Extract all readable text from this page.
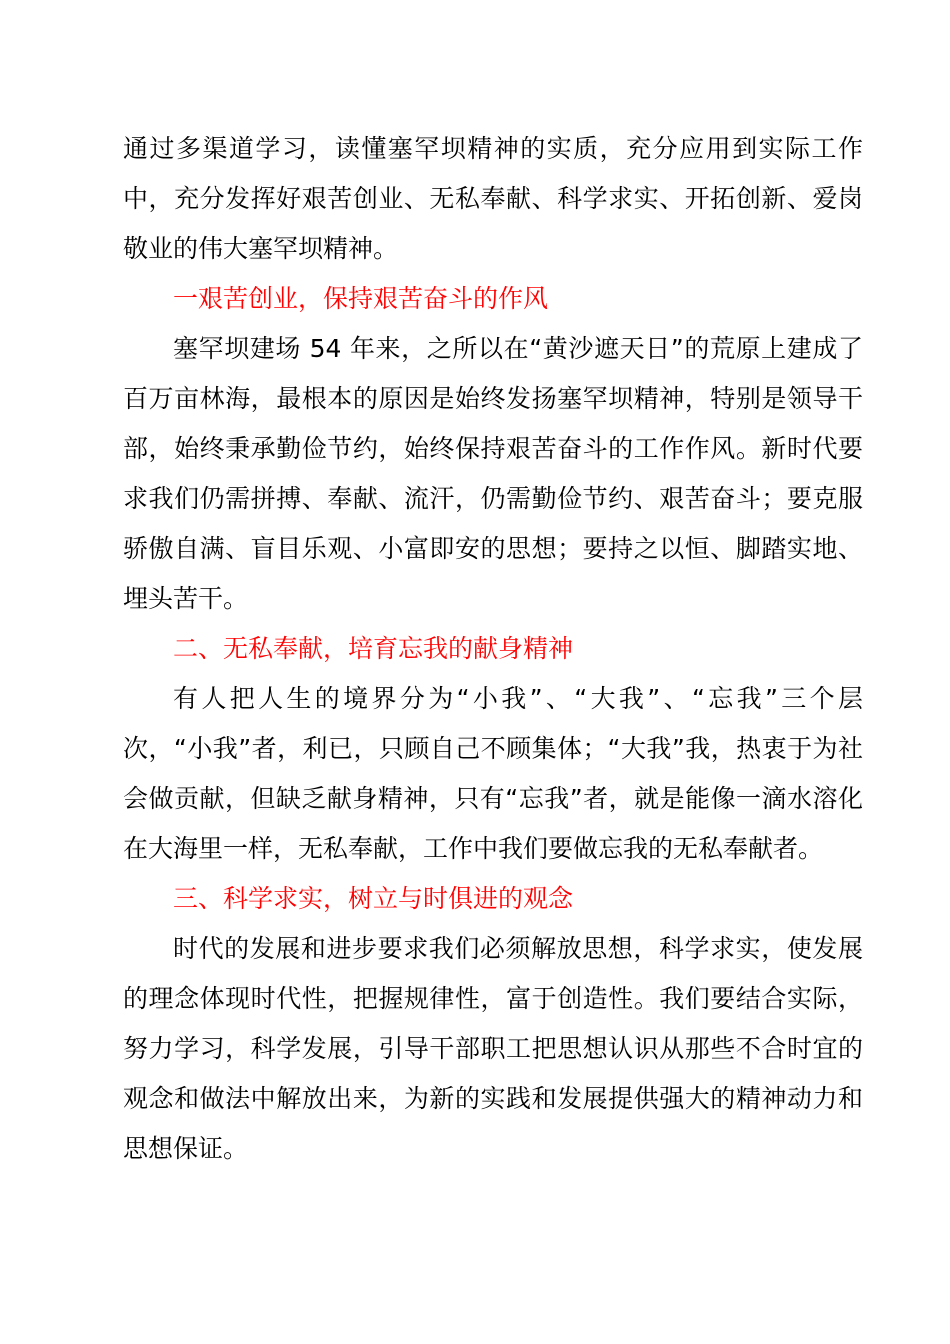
通过多渠道学习，读懂塞罕坝精神的实质，充分应用到实际工作中，充分发挥好艰苦创业、无私奉献、科学求实、开拓创新、爱岗敬业的伟大塞罕坝精神。

一艰苦创业，保持艰苦奋斗的作风

塞罕坝建场 54 年来，之所以在“黄沙遮天日”的荒原上建成了百万亩林海，最根本的原因是始终发扬塞罕坝精神，特别是领导干部，始终秉承勤俭节约，始终保持艰苦奋斗的工作作风。新时代要求我们仍需拼搏、奉献、流汗，仍需勤俭节约、艰苦奋斗；要克服骄傲自满、盲目乐观、小富即安的思想；要持之以恒、脚踏实地、埋头苦干。

二、无私奉献，培育忘我的献身精神

有人把人生的境界分为“小我”、“大我”、“忘我”三个层次，“小我”者，利已，只顾自己不顾集体；“大我”我，热衷于为社会做贡献，但缺乏献身精神，只有“忘我”者，就是能像一滴水溶化在大海里一样，无私奉献，工作中我们要做忘我的无私奉献者。

三、科学求实，树立与时俱进的观念

时代的发展和进步要求我们必须解放思想，科学求实，使发展的理念体现时代性，把握规律性，富于创造性。我们要结合实际，努力学习，科学发展，引导干部职工把思想认识从那些不合时宜的观念和做法中解放出来，为新的实践和发展提供强大的精神动力和思想保证。
